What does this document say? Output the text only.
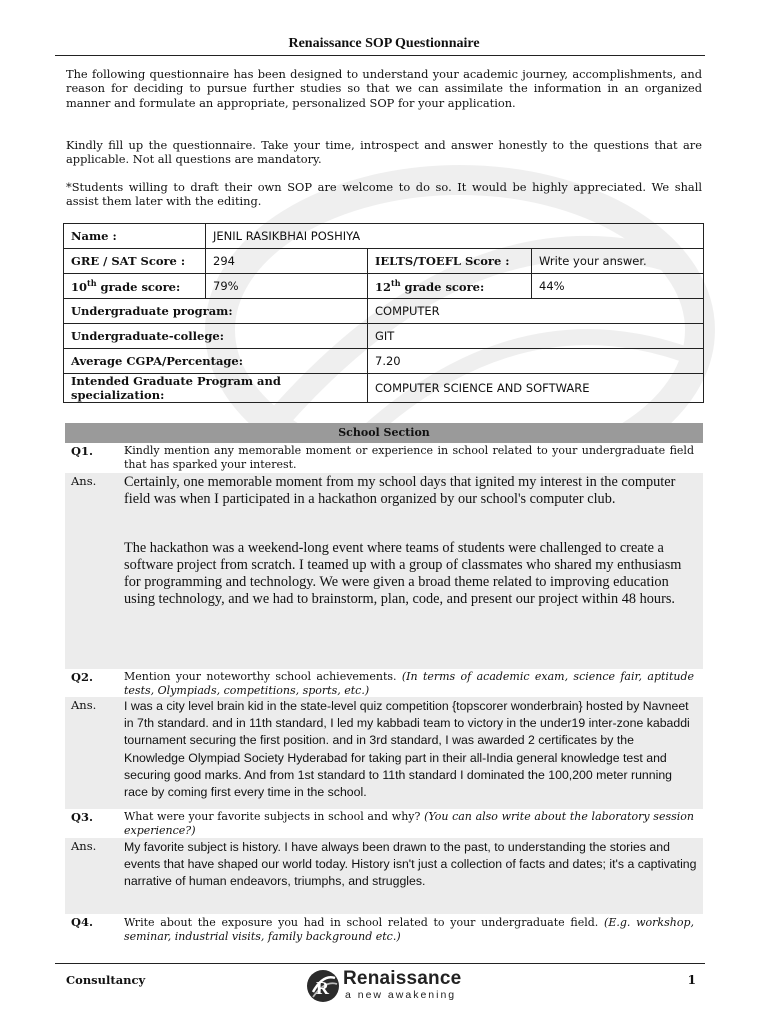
Renaissance SOP Questionnaire

The following questionnaire has been designed to understand your academic journey, accomplishments, and reason for deciding to pursue further studies so that we can assimilate the information in an organized manner and formulate an appropriate, personalized SOP for your application.

Kindly fill up the questionnaire. Take your time, introspect and answer honestly to the questions that are applicable. Not all questions are mandatory.

*Students willing to draft their own SOP are welcome to do so. It would be highly appreciated. We shall assist them later with the editing.

Name :	JENIL RASIKBHAI POSHIYA		
GRE / SAT Score :	294	IELTS/TOEFL Score :	Write your answer.
10th grade score:	79%	12th grade score:	44%
Undergraduate program:		COMPUTER	
Undergraduate-college:		GIT	
Average CGPA/Percentage:		7.20	
Intended Graduate Program and specialization:		COMPUTER SCIENCE AND SOFTWARE	
School Section
Q1.	Kindly mention any memorable moment or experience in school related to your undergraduate field that has sparked your interest.

Ans. Certainly, one memorable moment from my school days that ignited my interest in the computer field was when I participated in a hackathon organized by our school's computer club.

The hackathon was a weekend-long event where teams of students were challenged to create a software project from scratch. I teamed up with a group of classmates who shared my enthusiasm for programming and technology. We were given a broad theme related to improving education using technology, and we had to brainstorm, plan, code, and present our project within 48 hours.

Q2.	Mention your noteworthy school achievements. (In terms of academic exam, science fair, aptitude tests, Olympiads, competitions, sports, etc.)

Ans. I was a city level brain kid in the state-level quiz competition {topscorer wonderbrain} hosted by Navneet in 7th standard. and in 11th standard, I led my kabbadi team to victory in the under19 inter-zone kabaddi tournament securing the first position. and in 3rd standard, I was awarded 2 certificates by the Knowledge Olympiad Society Hyderabad for taking part in their all-India general knowledge test and securing good marks. And from 1st standard to 11th standard I dominated the 100,200 meter running race by coming first every time in the school.

Q3.	What were your favorite subjects in school and why? (You can also write about the laboratory session experience?)

Ans. My favorite subject is history. I have always been drawn to the past, to understanding the stories and events that have shaped our world today. History isn't just a collection of facts and dates; it's a captivating narrative of human endeavors, triumphs, and struggles.

Q4.	Write about the exposure you had in school related to your undergraduate field. (E.g. workshop, seminar, industrial visits, family background etc.)

Consultancy	R Renaissance
a new awakening
1
